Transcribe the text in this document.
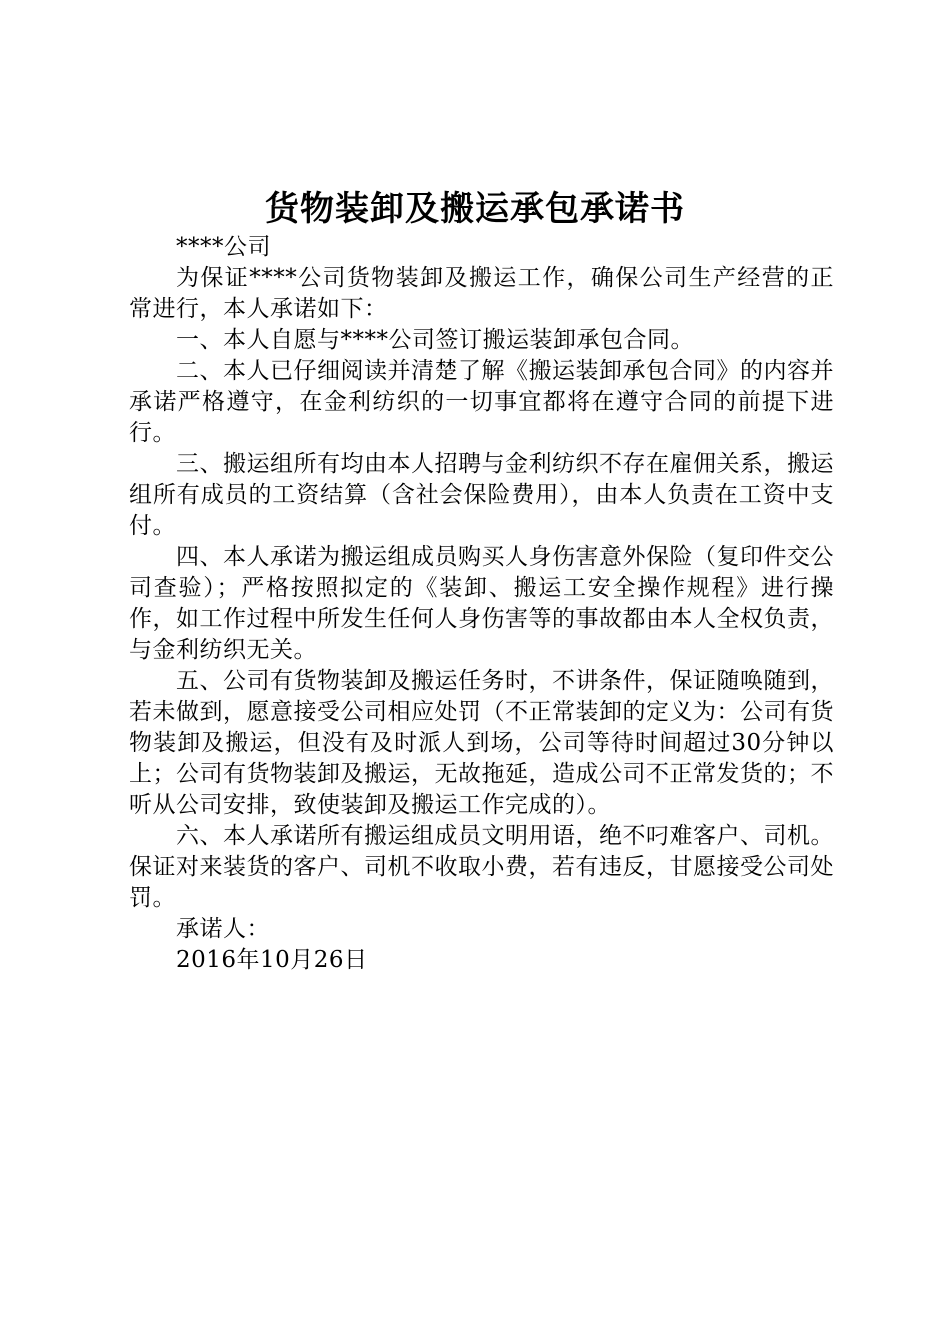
货物装卸及搬运承包承诺书

****公司

为保证****公司货物装卸及搬运工作，确保公司生产经营的正常进行，本人承诺如下：

一、本人自愿与****公司签订搬运装卸承包合同。

二、本人已仔细阅读并清楚了解《搬运装卸承包合同》的内容并承诺严格遵守，在金利纺织的一切事宜都将在遵守合同的前提下进行。

三、搬运组所有均由本人招聘与金利纺织不存在雇佣关系，搬运组所有成员的工资结算（含社会保险费用），由本人负责在工资中支付。

四、本人承诺为搬运组成员购买人身伤害意外保险（复印件交公司查验）；严格按照拟定的《装卸、搬运工安全操作规程》进行操作，如工作过程中所发生任何人身伤害等的事故都由本人全权负责，与金利纺织无关。

五、公司有货物装卸及搬运任务时，不讲条件，保证随唤随到，若未做到，愿意接受公司相应处罚（不正常装卸的定义为：公司有货物装卸及搬运，但没有及时派人到场，公司等待时间超过30分钟以上；公司有货物装卸及搬运，无故拖延，造成公司不正常发货的；不听从公司安排，致使装卸及搬运工作完成的）。

六、本人承诺所有搬运组成员文明用语，绝不叼难客户、司机。保证对来装货的客户、司机不收取小费，若有违反，甘愿接受公司处罚。

承诺人：

2016年10月26日
